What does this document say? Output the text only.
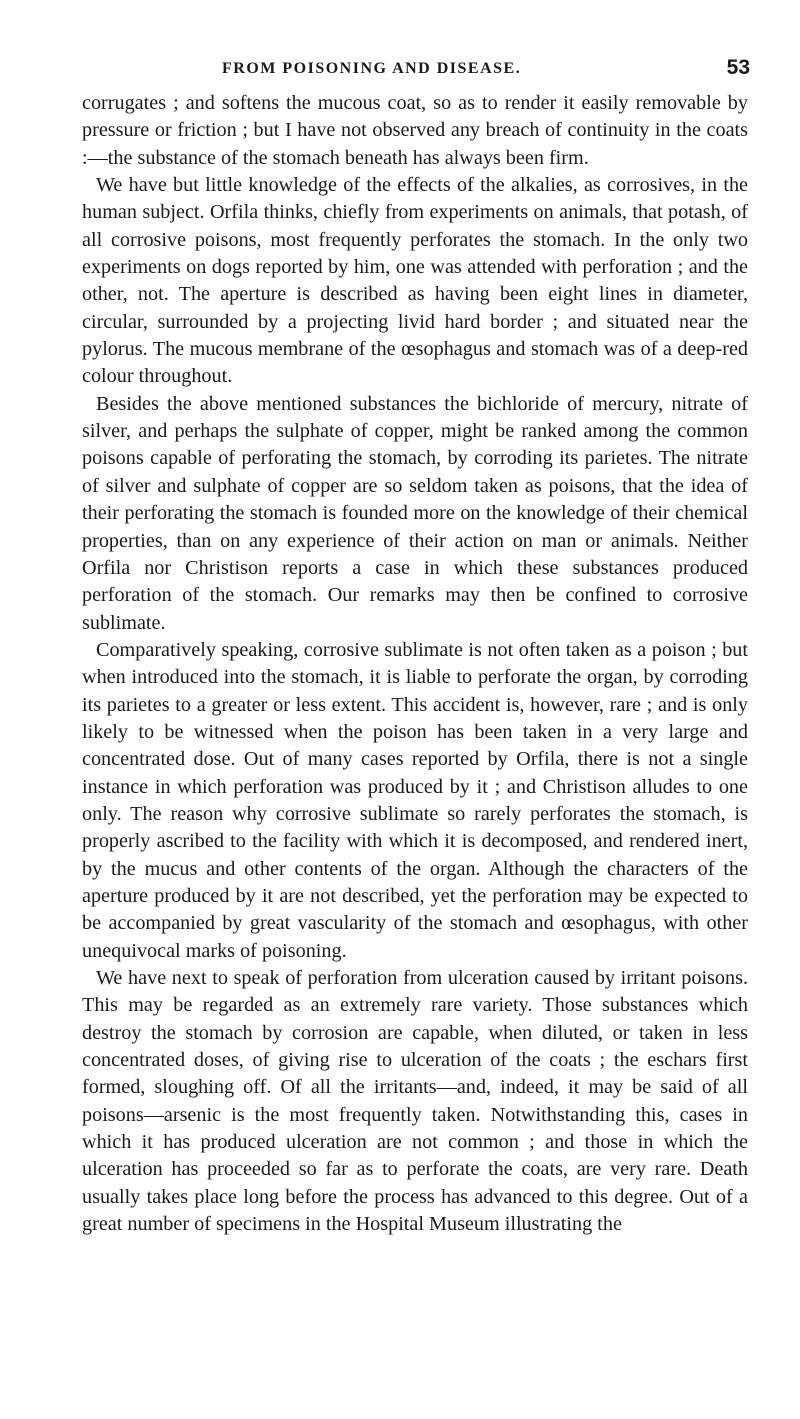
FROM POISONING AND DISEASE.	53

corrugates ; and softens the mucous coat, so as to render it easily removable by pressure or friction ; but I have not observed any breach of continuity in the coats :—the substance of the stomach beneath has always been firm.

We have but little knowledge of the effects of the alkalies, as corrosives, in the human subject. Orfila thinks, chiefly from experiments on animals, that potash, of all corrosive poisons, most frequently perforates the stomach. In the only two experiments on dogs reported by him, one was attended with perforation ; and the other, not. The aperture is described as having been eight lines in diameter, circular, surrounded by a projecting livid hard border ; and situated near the pylorus. The mucous membrane of the œsophagus and stomach was of a deep-red colour throughout.

Besides the above mentioned substances the bichloride of mercury, nitrate of silver, and perhaps the sulphate of copper, might be ranked among the common poisons capable of perforating the stomach, by corroding its parietes. The nitrate of silver and sulphate of copper are so seldom taken as poisons, that the idea of their perforating the stomach is founded more on the knowledge of their chemical properties, than on any experience of their action on man or animals. Neither Orfila nor Christison reports a case in which these substances produced perforation of the stomach. Our remarks may then be confined to corrosive sublimate.

Comparatively speaking, corrosive sublimate is not often taken as a poison ; but when introduced into the stomach, it is liable to perforate the organ, by corroding its parietes to a greater or less extent. This accident is, however, rare ; and is only likely to be witnessed when the poison has been taken in a very large and concentrated dose. Out of many cases reported by Orfila, there is not a single instance in which perforation was produced by it ; and Christison alludes to one only. The reason why corrosive sublimate so rarely perforates the stomach, is properly ascribed to the facility with which it is decomposed, and rendered inert, by the mucus and other contents of the organ. Although the characters of the aperture produced by it are not described, yet the perforation may be expected to be accompanied by great vascularity of the stomach and œsophagus, with other unequivocal marks of poisoning.

We have next to speak of perforation from ulceration caused by irritant poisons. This may be regarded as an extremely rare variety. Those substances which destroy the stomach by corrosion are capable, when diluted, or taken in less concentrated doses, of giving rise to ulceration of the coats ; the eschars first formed, sloughing off. Of all the irritants—and, indeed, it may be said of all poisons—arsenic is the most frequently taken. Notwithstanding this, cases in which it has produced ulceration are not common ; and those in which the ulceration has proceeded so far as to perforate the coats, are very rare. Death usually takes place long before the process has advanced to this degree. Out of a great number of specimens in the Hospital Museum illustrating the
